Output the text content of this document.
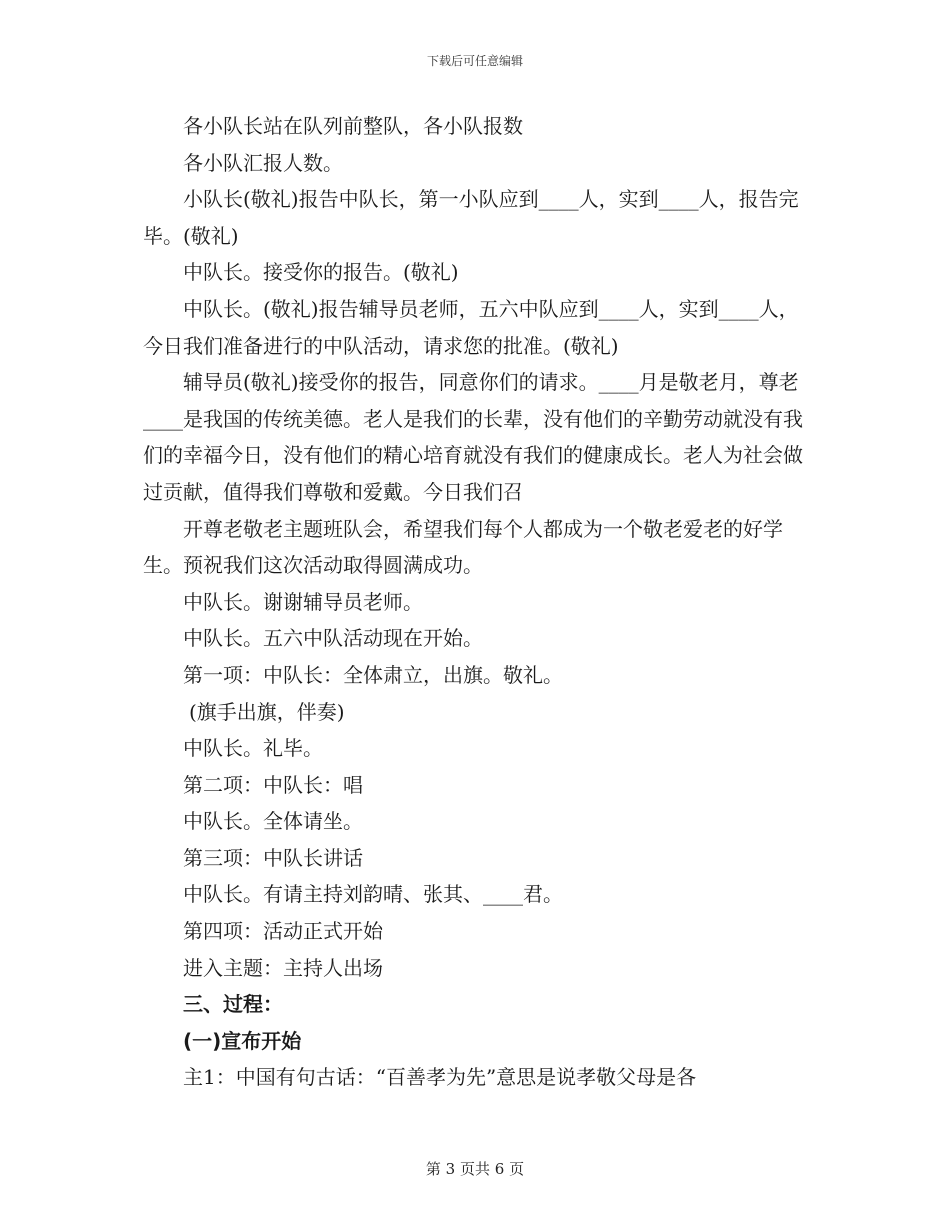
下载后可任意编辑

各小队长站在队列前整队，各小队报数

各小队汇报人数。

小队长(敬礼)报告中队长，第一小队应到____人，实到____人，报告完毕。(敬礼)

中队长。接受你的报告。(敬礼)

中队长。(敬礼)报告辅导员老师，五六中队应到____人，实到____人，今日我们准备进行的中队活动，请求您的批准。(敬礼)

辅导员(敬礼)接受你的报告，同意你们的请求。____月是敬老月，尊老____是我国的传统美德。老人是我们的长辈，没有他们的辛勤劳动就没有我们的幸福今日，没有他们的精心培育就没有我们的健康成长。老人为社会做过贡献，值得我们尊敬和爱戴。今日我们召

开尊老敬老主题班队会，希望我们每个人都成为一个敬老爱老的好学生。预祝我们这次活动取得圆满成功。

中队长。谢谢辅导员老师。

中队长。五六中队活动现在开始。

第一项：中队长：全体肃立，出旗。敬礼。

(旗手出旗，伴奏)

中队长。礼毕。

第二项：中队长：唱

中队长。全体请坐。

第三项：中队长讲话

中队长。有请主持刘韵晴、张其、____君。

第四项：活动正式开始

进入主题：主持人出场

三、过程：

(一)宣布开始

主1：中国有句古话：“百善孝为先”意思是说孝敬父母是各

第 3 页共 6 页
